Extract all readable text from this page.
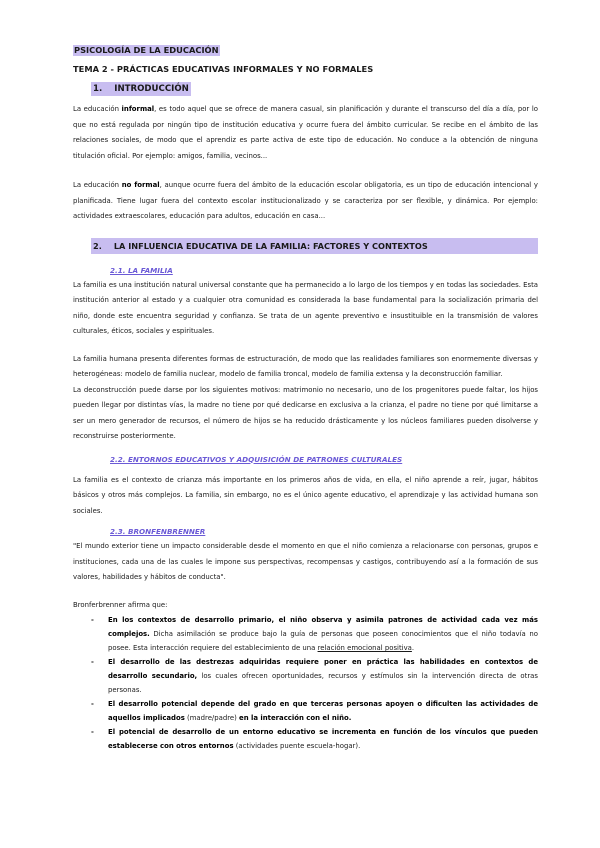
PSICOLOGÍA DE LA EDUCACIÓN
TEMA 2 - PRÁCTICAS EDUCATIVAS INFORMALES Y NO FORMALES
1. INTRODUCCIÓN

La educación informal, es todo aquel que se ofrece de manera casual, sin planificación y durante el transcurso del día a día, por lo que no está regulada por ningún tipo de institución educativa y ocurre fuera del ámbito curricular. Se recibe en el ámbito de las relaciones sociales, de modo que el aprendiz es parte activa de este tipo de educación. No conduce a la obtención de ninguna titulación oficial. Por ejemplo: amigos, familia, vecinos...

La educación no formal, aunque ocurre fuera del ámbito de la educación escolar obligatoria, es un tipo de educación intencional y planificada. Tiene lugar fuera del contexto escolar institucionalizado y se caracteriza por ser flexible, y dinámica. Por ejemplo: actividades extraescolares, educación para adultos, educación en casa...

2. LA INFLUENCIA EDUCATIVA DE LA FAMILIA: FACTORES Y CONTEXTOS
2.1. LA FAMILIA

La familia es una institución natural universal constante que ha permanecido a lo largo de los tiempos y en todas las sociedades. Esta institución anterior al estado y a cualquier otra comunidad es considerada la base fundamental para la socialización primaria del niño, donde este encuentra seguridad y confianza. Se trata de un agente preventivo e insustituible en la transmisión de valores culturales, éticos, sociales y espirituales.

La familia humana presenta diferentes formas de estructuración, de modo que las realidades familiares son enormemente diversas y heterogéneas: modelo de familia nuclear, modelo de familia troncal, modelo de familia extensa y la deconstrucción familiar.

La deconstrucción puede darse por los siguientes motivos: matrimonio no necesario, uno de los progenitores puede faltar, los hijos pueden llegar por distintas vías, la madre no tiene por qué dedicarse en exclusiva a la crianza, el padre no tiene por qué limitarse a ser un mero generador de recursos, el número de hijos se ha reducido drásticamente y los núcleos familiares pueden disolverse y reconstruirse posteriormente.

2.2. ENTORNOS EDUCATIVOS Y ADQUISICIÓN DE PATRONES CULTURALES

La familia es el contexto de crianza más importante en los primeros años de vida, en ella, el niño aprende a reír, jugar, hábitos básicos y otros más complejos. La familia, sin embargo, no es el único agente educativo, el aprendizaje y las actividad humana son sociales.

2.3. BRONFENBRENNER

"El mundo exterior tiene un impacto considerable desde el momento en que el niño comienza a relacionarse con personas, grupos e instituciones, cada una de las cuales le impone sus perspectivas, recompensas y castigos, contribuyendo así a la formación de sus valores, habilidades y hábitos de conducta".

Bronferbrenner afirma que:

- En los contextos de desarrollo primario, el niño observa y asimila patrones de actividad cada vez más complejos. Dicha asimilación se produce bajo la guía de personas que poseen conocimientos que el niño todavía no posee. Esta interacción requiere del establecimiento de una relación emocional positiva.
- El desarrollo de las destrezas adquiridas requiere poner en práctica las habilidades en contextos de desarrollo secundario, los cuales ofrecen oportunidades, recursos y estímulos sin la intervención directa de otras personas.
- El desarrollo potencial depende del grado en que terceras personas apoyen o dificulten las actividades de aquellos implicados (madre/padre) en la interacción con el niño.
- El potencial de desarrollo de un entorno educativo se incrementa en función de los vínculos que pueden establecerse con otros entornos (actividades puente escuela-hogar).
